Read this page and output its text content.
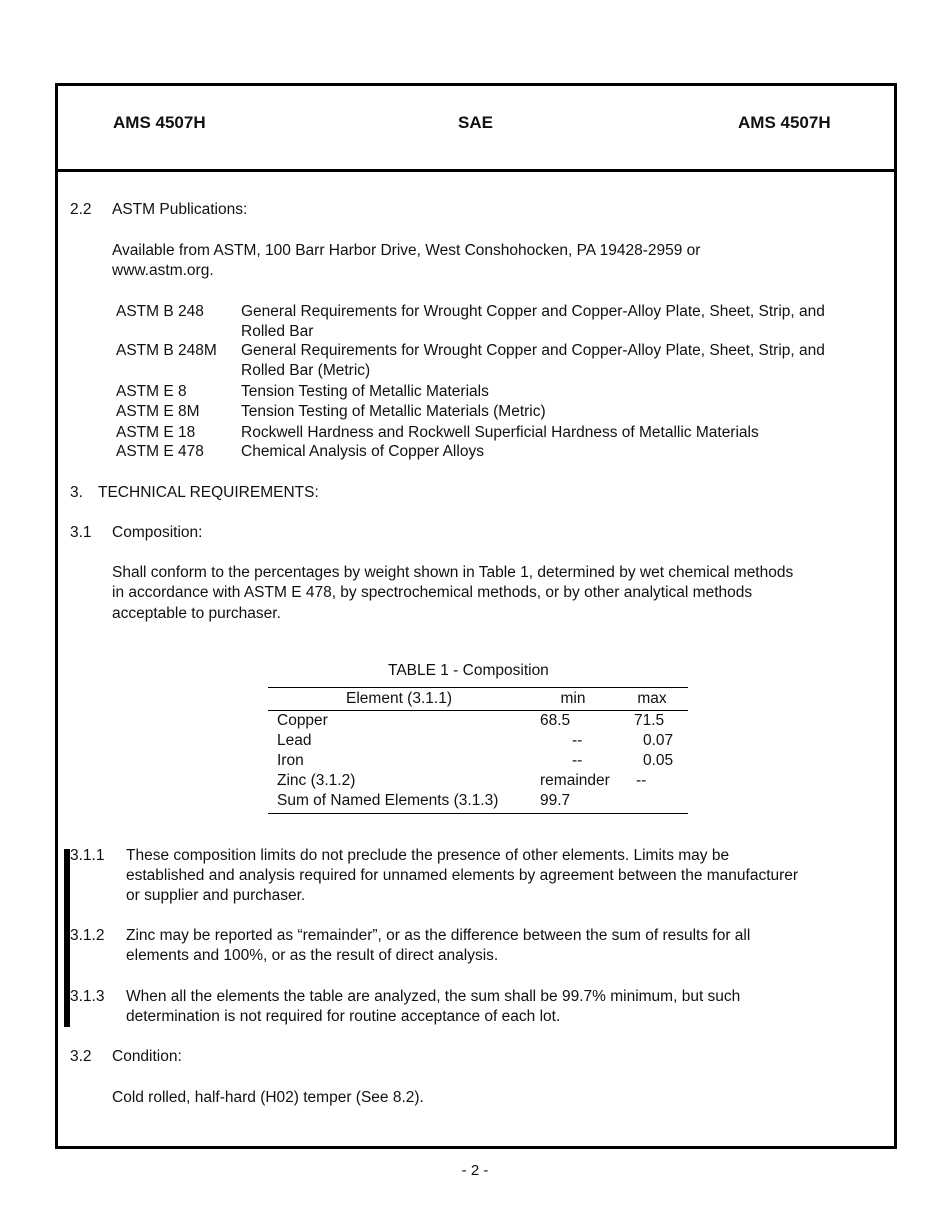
AMS 4507H	SAE	AMS 4507H
2.2 ASTM Publications:
Available from ASTM, 100 Barr Harbor Drive, West Conshohocken, PA 19428-2959 or
www.astm.org.
ASTM B 248 General Requirements for Wrought Copper and Copper-Alloy Plate, Sheet, Strip, and Rolled Bar
ASTM B 248M General Requirements for Wrought Copper and Copper-Alloy Plate, Sheet, Strip, and Rolled Bar (Metric)
ASTM E 8	Tension Testing of Metallic Materials
ASTM E 8M	Tension Testing of Metallic Materials (Metric)
ASTM E 18	Rockwell Hardness and Rockwell Superficial Hardness of Metallic Materials
ASTM E 478 Chemical Analysis of Copper Alloys
3. TECHNICAL REQUIREMENTS:
3.1 Composition:
Shall conform to the percentages by weight shown in Table 1, determined by wet chemical methods
in accordance with ASTM E 478, by spectrochemical methods, or by other analytical methods
acceptable to purchaser.
TABLE 1 - Composition
Element (3.1.1)	min	max
Copper	68.5	71.5
Lead	--	0.07
Iron	--	0.05
Zinc (3.1.2)	remainder	--
Sum of Named Elements (3.1.3)	99.7	
3.1.1 These composition limits do not preclude the presence of other elements. Limits may be
established and analysis required for unnamed elements by agreement between the manufacturer
or supplier and purchaser.
3.1.2 Zinc may be reported as “remainder”, or as the difference between the sum of results for all
elements and 100%, or as the result of direct analysis.
3.1.3 When all the elements the table are analyzed, the sum shall be 99.7% minimum, but such
determination is not required for routine acceptance of each lot.
3.2 Condition:
Cold rolled, half-hard (H02) temper (See 8.2).
- 2 -
